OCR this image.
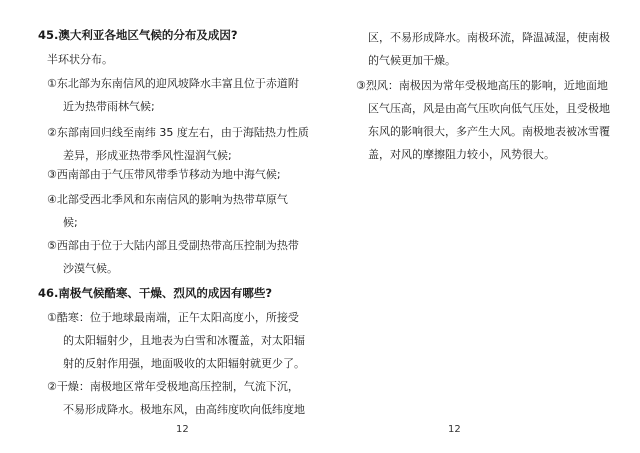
45.澳大利亚各地区气候的分布及成因?
半环状分布。
①东北部为东南信风的迎风坡降水丰富且位于赤道附
近为热带雨林气候;
②东部南回归线至南纬 35 度左右，由于海陆热力性质
差异，形成亚热带季风性湿润气候;
③西南部由于气压带风带季节移动为地中海气候;
④北部受西北季风和东南信风的影响为热带草原气
候;
⑤西部由于位于大陆内部且受副热带高压控制为热带
沙漠气候。
46.南极气候酷寒、干燥、烈风的成因有哪些?
①酷寒：位于地球最南端，正午太阳高度小，所接受
的太阳辐射少，且地表为白雪和冰覆盖，对太阳辐
射的反射作用强，地面吸收的太阳辐射就更少了。
②干燥：南极地区常年受极地高压控制，气流下沉，
不易形成降水。极地东风，由高纬度吹向低纬度地
12
区，不易形成降水。南极环流，降温减湿，使南极
的气候更加干燥。
③烈风：南极因为常年受极地高压的影响，近地面地
区气压高，风是由高气压吹向低气压处，且受极地
东风的影响很大，多产生大风。南极地表被冰雪覆
盖，对风的摩擦阻力较小，风势很大。
12
